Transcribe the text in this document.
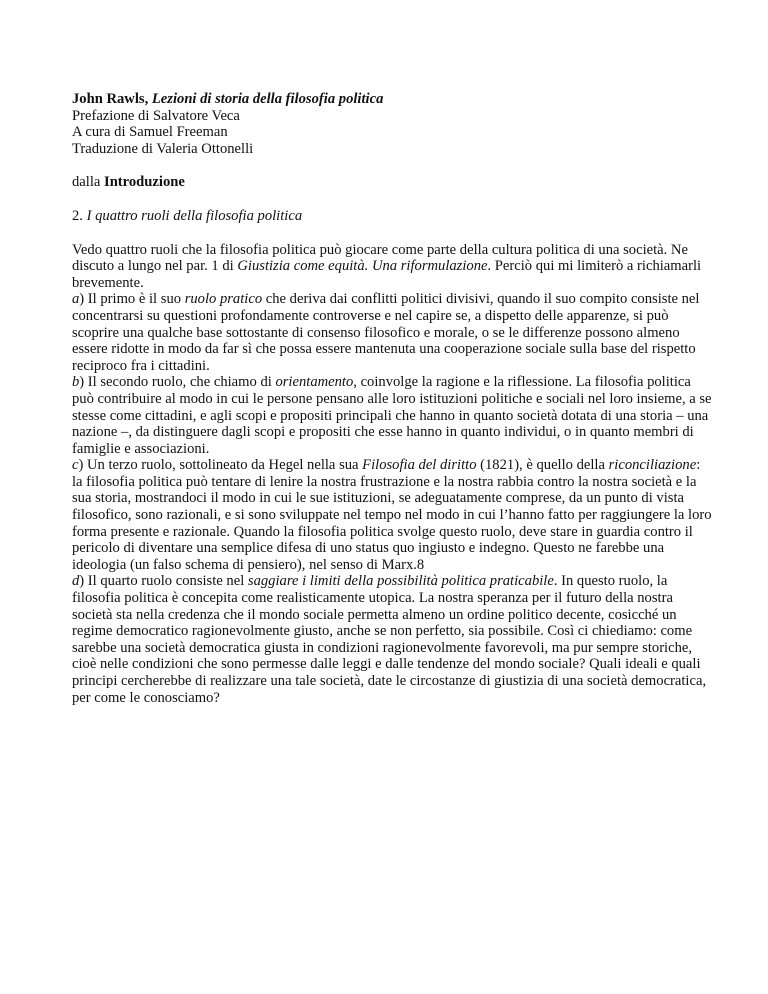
John Rawls, Lezioni di storia della filosofia politica

Prefazione di Salvatore Veca

A cura di Samuel Freeman

Traduzione di Valeria Ottonelli

dalla Introduzione

2. I quattro ruoli della filosofia politica

Vedo quattro ruoli che la filosofia politica può giocare come parte della cultura politica di una società. Ne discuto a lungo nel par. 1 di Giustizia come equità. Una riformulazione. Perciò qui mi limiterò a richiamarli brevemente.

a) Il primo è il suo ruolo pratico che deriva dai conflitti politici divisivi, quando il suo compito consiste nel concentrarsi su questioni profondamente controverse e nel capire se, a dispetto delle apparenze, si può scoprire una qualche base sottostante di consenso filosofico e morale, o se le differenze possono almeno essere ridotte in modo da far sì che possa essere mantenuta una cooperazione sociale sulla base del rispetto reciproco fra i cittadini.

b) Il secondo ruolo, che chiamo di orientamento, coinvolge la ragione e la riflessione. La filosofia politica può contribuire al modo in cui le persone pensano alle loro istituzioni politiche e sociali nel loro insieme, a se stesse come cittadini, e agli scopi e propositi principali che hanno in quanto società dotata di una storia – una nazione –, da distinguere dagli scopi e propositi che esse hanno in quanto individui, o in quanto membri di famiglie e associazioni.

c) Un terzo ruolo, sottolineato da Hegel nella sua Filosofia del diritto (1821), è quello della riconciliazione: la filosofia politica può tentare di lenire la nostra frustrazione e la nostra rabbia contro la nostra società e la sua storia, mostrandoci il modo in cui le sue istituzioni, se adeguatamente comprese, da un punto di vista filosofico, sono razionali, e si sono sviluppate nel tempo nel modo in cui l’hanno fatto per raggiungere la loro forma presente e razionale. Quando la filosofia politica svolge questo ruolo, deve stare in guardia contro il pericolo di diventare una semplice difesa di uno status quo ingiusto e indegno. Questo ne farebbe una ideologia (un falso schema di pensiero), nel senso di Marx.8

d) Il quarto ruolo consiste nel saggiare i limiti della possibilità politica praticabile. In questo ruolo, la filosofia politica è concepita come realisticamente utopica. La nostra speranza per il futuro della nostra società sta nella credenza che il mondo sociale permetta almeno un ordine politico decente, cosicché un regime democratico ragionevolmente giusto, anche se non perfetto, sia possibile. Così ci chiediamo: come sarebbe una società democratica giusta in condizioni ragionevolmente favorevoli, ma pur sempre storiche, cioè nelle condizioni che sono permesse dalle leggi e dalle tendenze del mondo sociale? Quali ideali e quali principi cercherebbe di realizzare una tale società, date le circostanze di giustizia di una società democratica, per come le conosciamo?
